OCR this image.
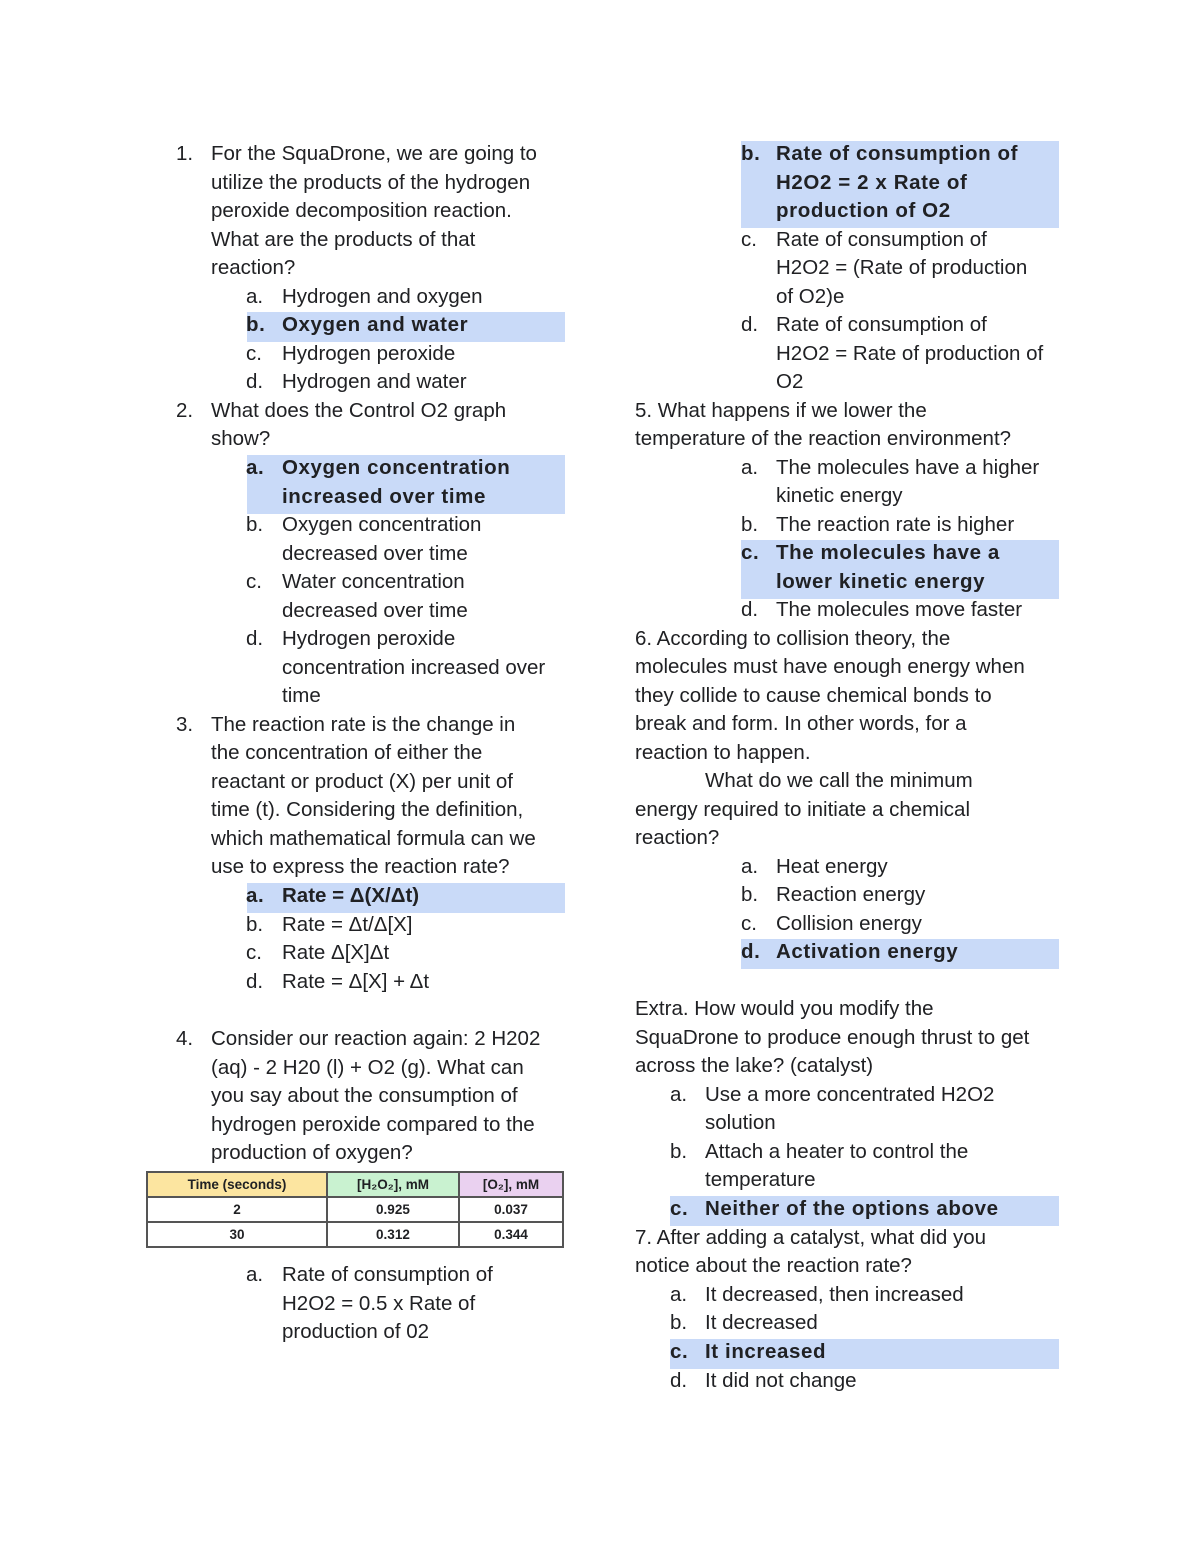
1. For the SquaDrone, we are going to
utilize the products of the hydrogen
peroxide decomposition reaction.
What are the products of that
reaction?
a. Hydrogen and oxygen
b. Oxygen and water
c. Hydrogen peroxide
d. Hydrogen and water
2. What does the Control O2 graph
show?
a. Oxygen concentration
increased over time
b. Oxygen concentration
decreased over time
c. Water concentration
decreased over time
d. Hydrogen peroxide
concentration increased over
time
3. The reaction rate is the change in
the concentration of either the
reactant or product (X) per unit of
time (t). Considering the definition,
which mathematical formula can we
use to express the reaction rate?
a. Rate = Δ(X/Δt)
b. Rate = Δt/Δ[X]
c. Rate Δ[X]Δt
d. Rate = Δ[X] + Δt
4. Consider our reaction again: 2 H202
(aq) - 2 H20 (l) + O2 (g). What can
you say about the consumption of
hydrogen peroxide compared to the
production of oxygen?
Time (seconds)	[H₂O₂], mM	[O₂], mM
2	0.925	0.037
30	0.312	0.344
a. Rate of consumption of
H2O2 = 0.5 x Rate of
production of 02
b. Rate of consumption of
H2O2 = 2 x Rate of
production of O2
c. Rate of consumption of
H2O2 = (Rate of production
of O2)e
d. Rate of consumption of
H2O2 = Rate of production of
O2
5. What happens if we lower the
temperature of the reaction environment?
a. The molecules have a higher
kinetic energy
b. The reaction rate is higher
c. The molecules have a
lower kinetic energy
d. The molecules move faster
6. According to collision theory, the
molecules must have enough energy when
they collide to cause chemical bonds to
break and form. In other words, for a
reaction to happen.
What do we call the minimum
energy required to initiate a chemical
reaction?
a. Heat energy
b. Reaction energy
c. Collision energy
d. Activation energy
Extra. How would you modify the
SquaDrone to produce enough thrust to get
across the lake? (catalyst)
a. Use a more concentrated H2O2
solution
b. Attach a heater to control the
temperature
c. Neither of the options above
7. After adding a catalyst, what did you
notice about the reaction rate?
a. It decreased, then increased
b. It decreased
c. It increased
d. It did not change
